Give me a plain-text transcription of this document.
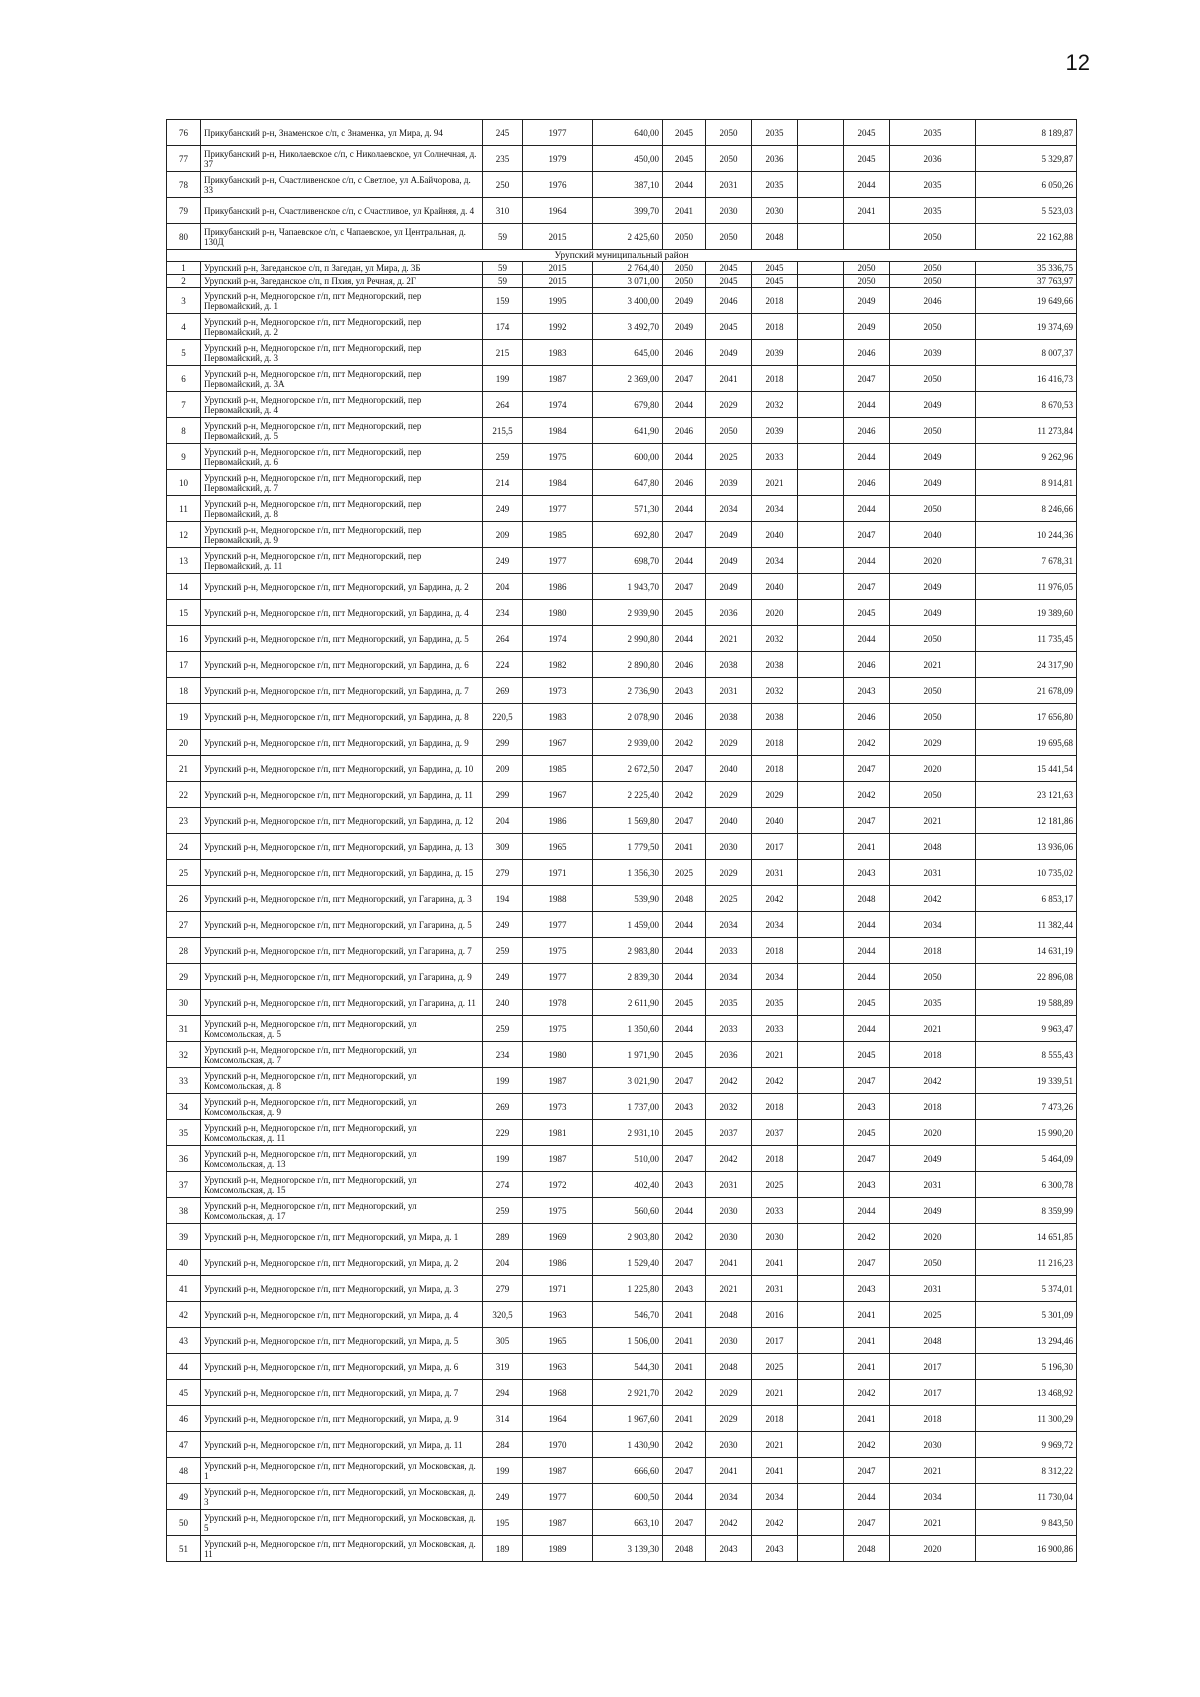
12
76	Прикубанский р-н, Знаменское с/п, с Знаменка, ул Мира, д. 94	245	1977	640,00	2045	2050	2035		2045	2035	8 189,87
77	Прикубанский р-н, Николаевское с/п, с Николаевское, ул Солнечная, д. 37	235	1979	450,00	2045	2050	2036		2045	2036	5 329,87
78	Прикубанский р-н, Счастливенское с/п, с Светлое, ул А.Байчорова, д. 33	250	1976	387,10	2044	2031	2035		2044	2035	6 050,26
79	Прикубанский р-н, Счастливенское с/п, с Счастливое, ул Крайняя, д. 4	310	1964	399,70	2041	2030	2030		2041	2035	5 523,03
80	Прикубанский р-н, Чапаевское с/п, с Чапаевское, ул Центральная, д. 130Д	59	2015	2 425,60	2050	2050	2048			2050	22 162,88
Урупский муниципальный район											
1	Урупский р-н, Загеданское с/п, п Загедан, ул Мира, д. 3Б	59	2015	2 764,40	2050	2045	2045		2050	2050	35 336,75
2	Урупский р-н, Загеданское с/п, п Пхия, ул Речная, д. 2Г	59	2015	3 071,00	2050	2045	2045		2050	2050	37 763,97
3	Урупский р-н, Медногорское г/п, пгт Медногорский, пер Первомайский, д. 1	159	1995	3 400,00	2049	2046	2018		2049	2046	19 649,66
4	Урупский р-н, Медногорское г/п, пгт Медногорский, пер Первомайский, д. 2	174	1992	3 492,70	2049	2045	2018		2049	2050	19 374,69
5	Урупский р-н, Медногорское г/п, пгт Медногорский, пер Первомайский, д. 3	215	1983	645,00	2046	2049	2039		2046	2039	8 007,37
6	Урупский р-н, Медногорское г/п, пгт Медногорский, пер Первомайский, д. 3А	199	1987	2 369,00	2047	2041	2018		2047	2050	16 416,73
7	Урупский р-н, Медногорское г/п, пгт Медногорский, пер Первомайский, д. 4	264	1974	679,80	2044	2029	2032		2044	2049	8 670,53
8	Урупский р-н, Медногорское г/п, пгт Медногорский, пер Первомайский, д. 5	215,5	1984	641,90	2046	2050	2039		2046	2050	11 273,84
9	Урупский р-н, Медногорское г/п, пгт Медногорский, пер Первомайский, д. 6	259	1975	600,00	2044	2025	2033		2044	2049	9 262,96
10	Урупский р-н, Медногорское г/п, пгт Медногорский, пер Первомайский, д. 7	214	1984	647,80	2046	2039	2021		2046	2049	8 914,81
11	Урупский р-н, Медногорское г/п, пгт Медногорский, пер Первомайский, д. 8	249	1977	571,30	2044	2034	2034		2044	2050	8 246,66
12	Урупский р-н, Медногорское г/п, пгт Медногорский, пер Первомайский, д. 9	209	1985	692,80	2047	2049	2040		2047	2040	10 244,36
13	Урупский р-н, Медногорское г/п, пгт Медногорский, пер Первомайский, д. 11	249	1977	698,70	2044	2049	2034		2044	2020	7 678,31
14	Урупский р-н, Медногорское г/п, пгт Медногорский, ул Бардина, д. 2	204	1986	1 943,70	2047	2049	2040		2047	2049	11 976,05
15	Урупский р-н, Медногорское г/п, пгт Медногорский, ул Бардина, д. 4	234	1980	2 939,90	2045	2036	2020		2045	2049	19 389,60
16	Урупский р-н, Медногорское г/п, пгт Медногорский, ул Бардина, д. 5	264	1974	2 990,80	2044	2021	2032		2044	2050	11 735,45
17	Урупский р-н, Медногорское г/п, пгт Медногорский, ул Бардина, д. 6	224	1982	2 890,80	2046	2038	2038		2046	2021	24 317,90
18	Урупский р-н, Медногорское г/п, пгт Медногорский, ул Бардина, д. 7	269	1973	2 736,90	2043	2031	2032		2043	2050	21 678,09
19	Урупский р-н, Медногорское г/п, пгт Медногорский, ул Бардина, д. 8	220,5	1983	2 078,90	2046	2038	2038		2046	2050	17 656,80
20	Урупский р-н, Медногорское г/п, пгт Медногорский, ул Бардина, д. 9	299	1967	2 939,00	2042	2029	2018		2042	2029	19 695,68
21	Урупский р-н, Медногорское г/п, пгт Медногорский, ул Бардина, д. 10	209	1985	2 672,50	2047	2040	2018		2047	2020	15 441,54
22	Урупский р-н, Медногорское г/п, пгт Медногорский, ул Бардина, д. 11	299	1967	2 225,40	2042	2029	2029		2042	2050	23 121,63
23	Урупский р-н, Медногорское г/п, пгт Медногорский, ул Бардина, д. 12	204	1986	1 569,80	2047	2040	2040		2047	2021	12 181,86
24	Урупский р-н, Медногорское г/п, пгт Медногорский, ул Бардина, д. 13	309	1965	1 779,50	2041	2030	2017		2041	2048	13 936,06
25	Урупский р-н, Медногорское г/п, пгт Медногорский, ул Бардина, д. 15	279	1971	1 356,30	2025	2029	2031		2043	2031	10 735,02
26	Урупский р-н, Медногорское г/п, пгт Медногорский, ул Гагарина, д. 3	194	1988	539,90	2048	2025	2042		2048	2042	6 853,17
27	Урупский р-н, Медногорское г/п, пгт Медногорский, ул Гагарина, д. 5	249	1977	1 459,00	2044	2034	2034		2044	2034	11 382,44
28	Урупский р-н, Медногорское г/п, пгт Медногорский, ул Гагарина, д. 7	259	1975	2 983,80	2044	2033	2018		2044	2018	14 631,19
29	Урупский р-н, Медногорское г/п, пгт Медногорский, ул Гагарина, д. 9	249	1977	2 839,30	2044	2034	2034		2044	2050	22 896,08
30	Урупский р-н, Медногорское г/п, пгт Медногорский, ул Гагарина, д. 11	240	1978	2 611,90	2045	2035	2035		2045	2035	19 588,89
31	Урупский р-н, Медногорское г/п, пгт Медногорский, ул Комсомольская, д. 5	259	1975	1 350,60	2044	2033	2033		2044	2021	9 963,47
32	Урупский р-н, Медногорское г/п, пгт Медногорский, ул Комсомольская, д. 7	234	1980	1 971,90	2045	2036	2021		2045	2018	8 555,43
33	Урупский р-н, Медногорское г/п, пгт Медногорский, ул Комсомольская, д. 8	199	1987	3 021,90	2047	2042	2042		2047	2042	19 339,51
34	Урупский р-н, Медногорское г/п, пгт Медногорский, ул Комсомольская, д. 9	269	1973	1 737,00	2043	2032	2018		2043	2018	7 473,26
35	Урупский р-н, Медногорское г/п, пгт Медногорский, ул Комсомольская, д. 11	229	1981	2 931,10	2045	2037	2037		2045	2020	15 990,20
36	Урупский р-н, Медногорское г/п, пгт Медногорский, ул Комсомольская, д. 13	199	1987	510,00	2047	2042	2018		2047	2049	5 464,09
37	Урупский р-н, Медногорское г/п, пгт Медногорский, ул Комсомольская, д. 15	274	1972	402,40	2043	2031	2025		2043	2031	6 300,78
38	Урупский р-н, Медногорское г/п, пгт Медногорский, ул Комсомольская, д. 17	259	1975	560,60	2044	2030	2033		2044	2049	8 359,99
39	Урупский р-н, Медногорское г/п, пгт Медногорский, ул Мира, д. 1	289	1969	2 903,80	2042	2030	2030		2042	2020	14 651,85
40	Урупский р-н, Медногорское г/п, пгт Медногорский, ул Мира, д. 2	204	1986	1 529,40	2047	2041	2041		2047	2050	11 216,23
41	Урупский р-н, Медногорское г/п, пгт Медногорский, ул Мира, д. 3	279	1971	1 225,80	2043	2021	2031		2043	2031	5 374,01
42	Урупский р-н, Медногорское г/п, пгт Медногорский, ул Мира, д. 4	320,5	1963	546,70	2041	2048	2016		2041	2025	5 301,09
43	Урупский р-н, Медногорское г/п, пгт Медногорский, ул Мира, д. 5	305	1965	1 506,00	2041	2030	2017		2041	2048	13 294,46
44	Урупский р-н, Медногорское г/п, пгт Медногорский, ул Мира, д. 6	319	1963	544,30	2041	2048	2025		2041	2017	5 196,30
45	Урупский р-н, Медногорское г/п, пгт Медногорский, ул Мира, д. 7	294	1968	2 921,70	2042	2029	2021		2042	2017	13 468,92
46	Урупский р-н, Медногорское г/п, пгт Медногорский, ул Мира, д. 9	314	1964	1 967,60	2041	2029	2018		2041	2018	11 300,29
47	Урупский р-н, Медногорское г/п, пгт Медногорский, ул Мира, д. 11	284	1970	1 430,90	2042	2030	2021		2042	2030	9 969,72
48	Урупский р-н, Медногорское г/п, пгт Медногорский, ул Московская, д. 1	199	1987	666,60	2047	2041	2041		2047	2021	8 312,22
49	Урупский р-н, Медногорское г/п, пгт Медногорский, ул Московская, д. 3	249	1977	600,50	2044	2034	2034		2044	2034	11 730,04
50	Урупский р-н, Медногорское г/п, пгт Медногорский, ул Московская, д. 5	195	1987	663,10	2047	2042	2042		2047	2021	9 843,50
51	Урупский р-н, Медногорское г/п, пгт Медногорский, ул Московская, д. 11	189	1989	3 139,30	2048	2043	2043		2048	2020	16 900,86
